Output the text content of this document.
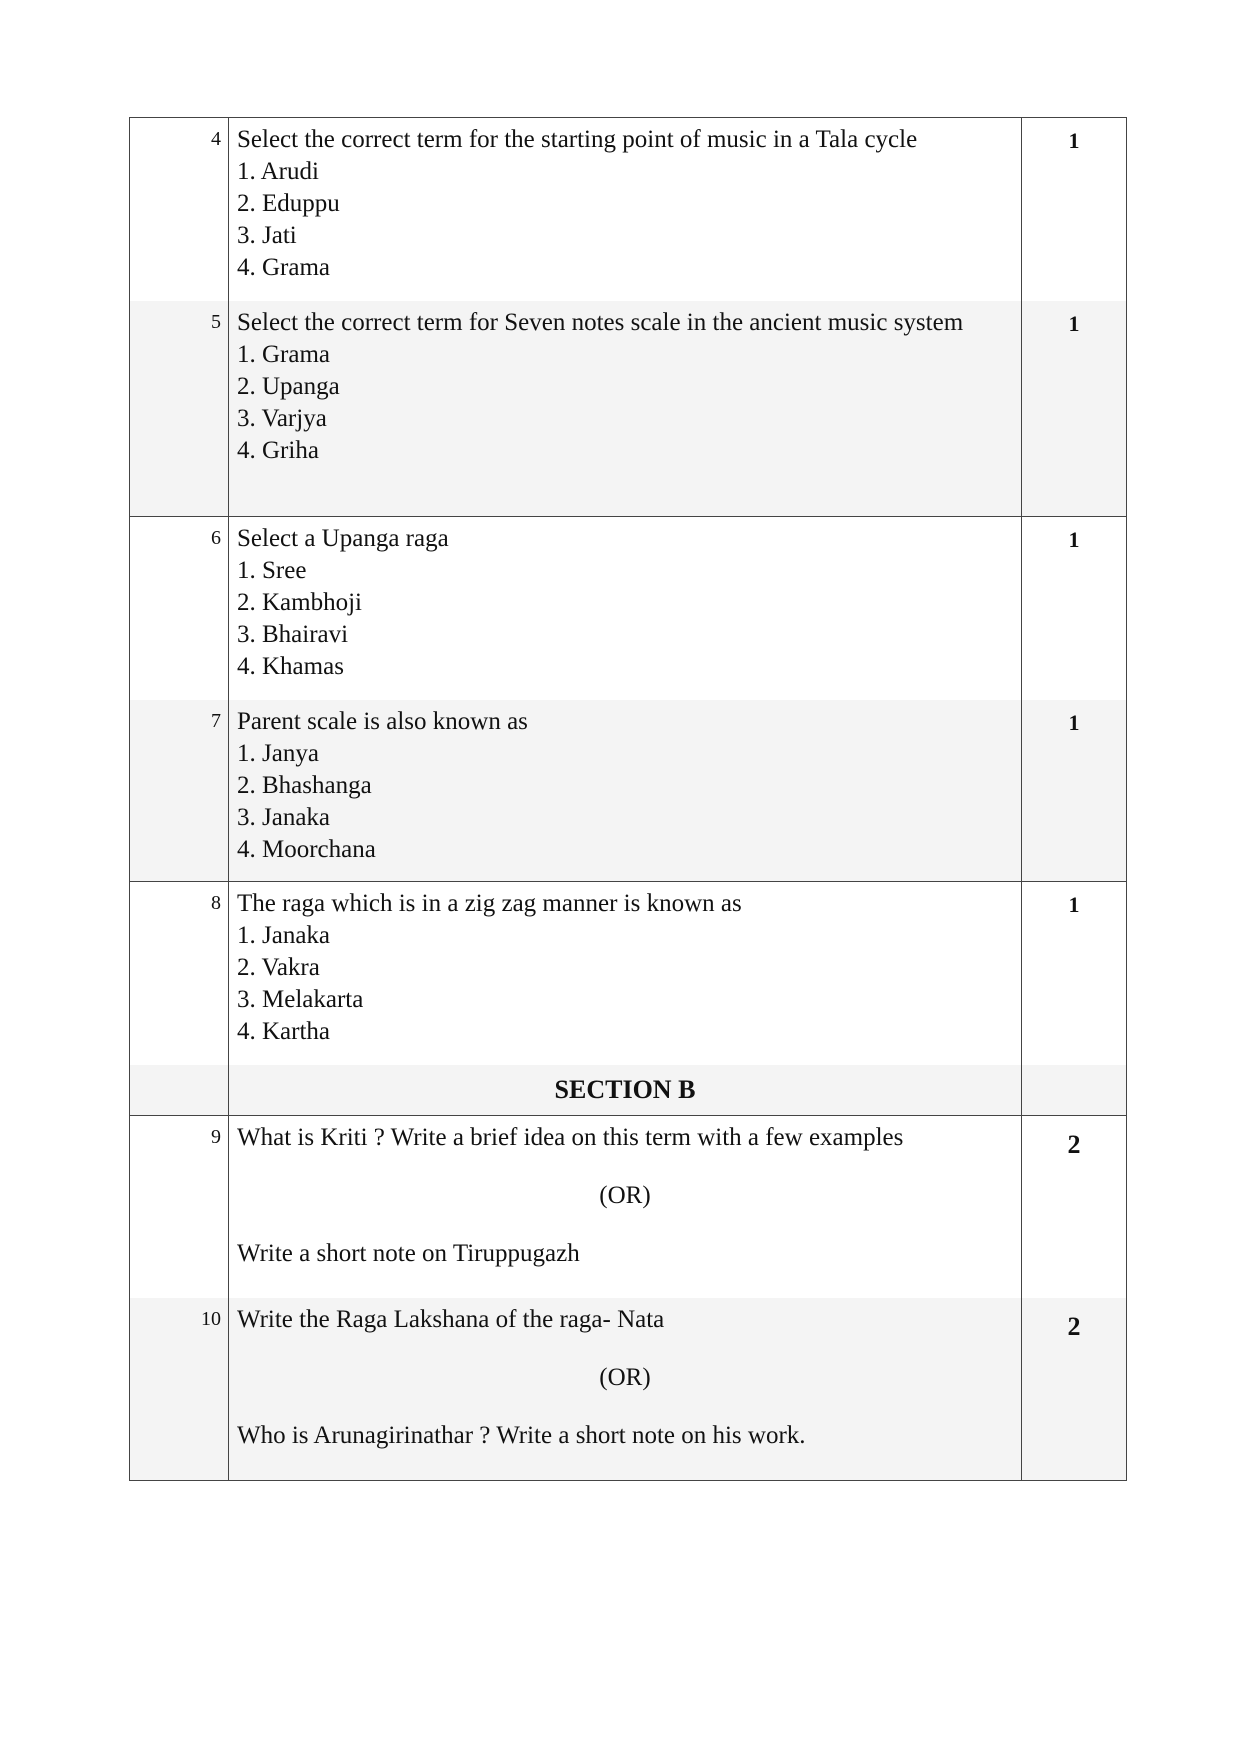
4	Select the correct term for the starting point of music in a Tala cycle
1. Arudi
2. Eduppu
3. Jati
4. Grama	1
5	Select the correct term for Seven notes scale in the ancient music system
1. Grama
2. Upanga
3. Varjya
4. Griha	1
6	Select a Upanga raga
1. Sree
2. Kambhoji
3. Bhairavi
4. Khamas	1
7	Parent scale is also known as
1. Janya
2. Bhashanga
3. Janaka
4. Moorchana	1
8	The raga which is in a zig zag manner is known as
1. Janaka
2. Vakra
3. Melakarta
4. Kartha	1
	SECTION B	
9	What is Kriti ? Write a brief idea on this term with a few examples
(OR)
Write a short note on Tiruppugazh	2
10	Write the Raga Lakshana of the raga- Nata
(OR)
Who is Arunagirinathar ? Write a short note on his work.	2
